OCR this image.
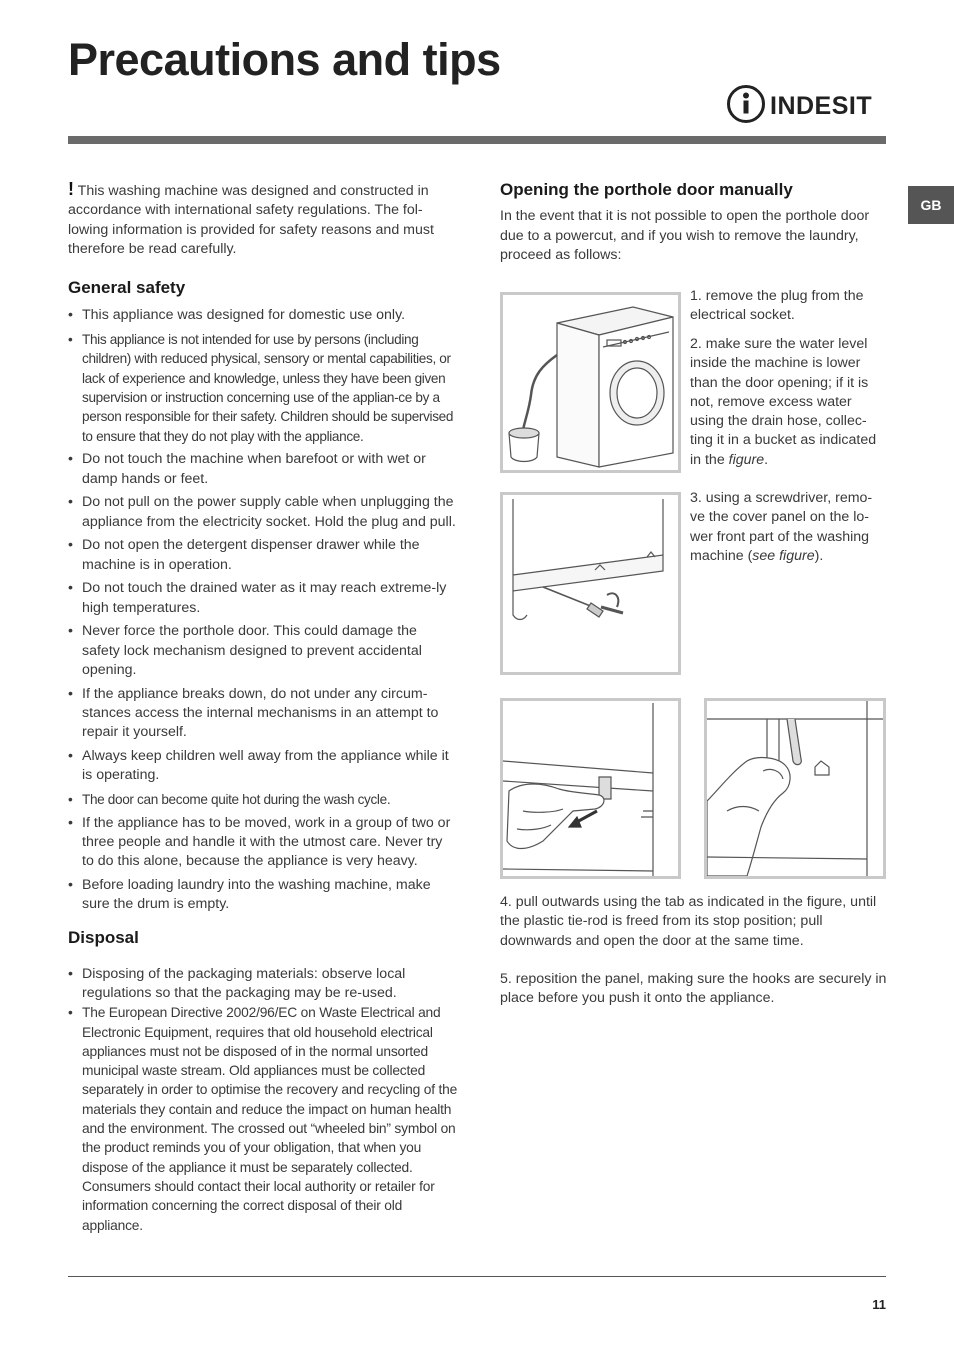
Precautions and tips
INDESIT
GB

! This washing machine was designed and constructed in accordance with international safety regulations. The fol-lowing information is provided for safety reasons and must therefore be read carefully.

General safety
• This appliance was designed for domestic use only.
• This appliance is not intended for use by persons (including children) with reduced physical, sensory or mental capabilities, or lack of experience and knowledge, unless they have been given supervision or instruction concerning use of the applian-ce by a person responsible for their safety. Children should be supervised to ensure that they do not play with the appliance.
• Do not touch the machine when barefoot or with wet or damp hands or feet.
• Do not pull on the power supply cable when unplugging the appliance from the electricity socket. Hold the plug and pull.
• Do not open the detergent dispenser drawer while the machine is in operation.
• Do not touch the drained water as it may reach extreme-ly high temperatures.
• Never force the porthole door. This could damage the safety lock mechanism designed to prevent accidental opening.
• If the appliance breaks down, do not under any circum-stances access the internal mechanisms in an attempt to repair it yourself.
• Always keep children well away from the appliance while it is operating.
• The door can become quite hot during the wash cycle.
• If the appliance has to be moved, work in a group of two or three people and handle it with the utmost care. Never try to do this alone, because the appliance is very heavy.
• Before loading laundry into the washing machine, make sure the drum is empty.
Disposal
• Disposing of the packaging materials: observe local regulations so that the packaging may be re-used.
• The European Directive 2002/96/EC on Waste Electrical and Electronic Equipment, requires that old household electrical appliances must not be disposed of in the normal unsorted municipal waste stream. Old appliances must be collected separately in order to optimise the recovery and recycling of the materials they contain and reduce the impact on human health and the environment. The crossed out “wheeled bin” symbol on the product reminds you of your obligation, that when you dispose of the appliance it must be separately collected. Consumers should contact their local authority or retailer for information concerning the correct disposal of their old appliance.
Opening the porthole door manually

In the event that it is not possible to open the porthole door due to a powercut, and if you wish to remove the laundry, proceed as follows:

1. remove the plug from the electrical socket.
2. make sure the water level inside the machine is lower than the door opening; if it is not, remove excess water using the drain hose, collec-ting it in a bucket as indicated in the figure.
3. using a screwdriver, remo-ve the cover panel on the lo-wer front part of the washing machine (see figure).
4. pull outwards using the tab as indicated in the figure, until the plastic tie-rod is freed from its stop position; pull downwards and open the door at the same time.
5. reposition the panel, making sure the hooks are securely in place before you push it onto the appliance.
11
